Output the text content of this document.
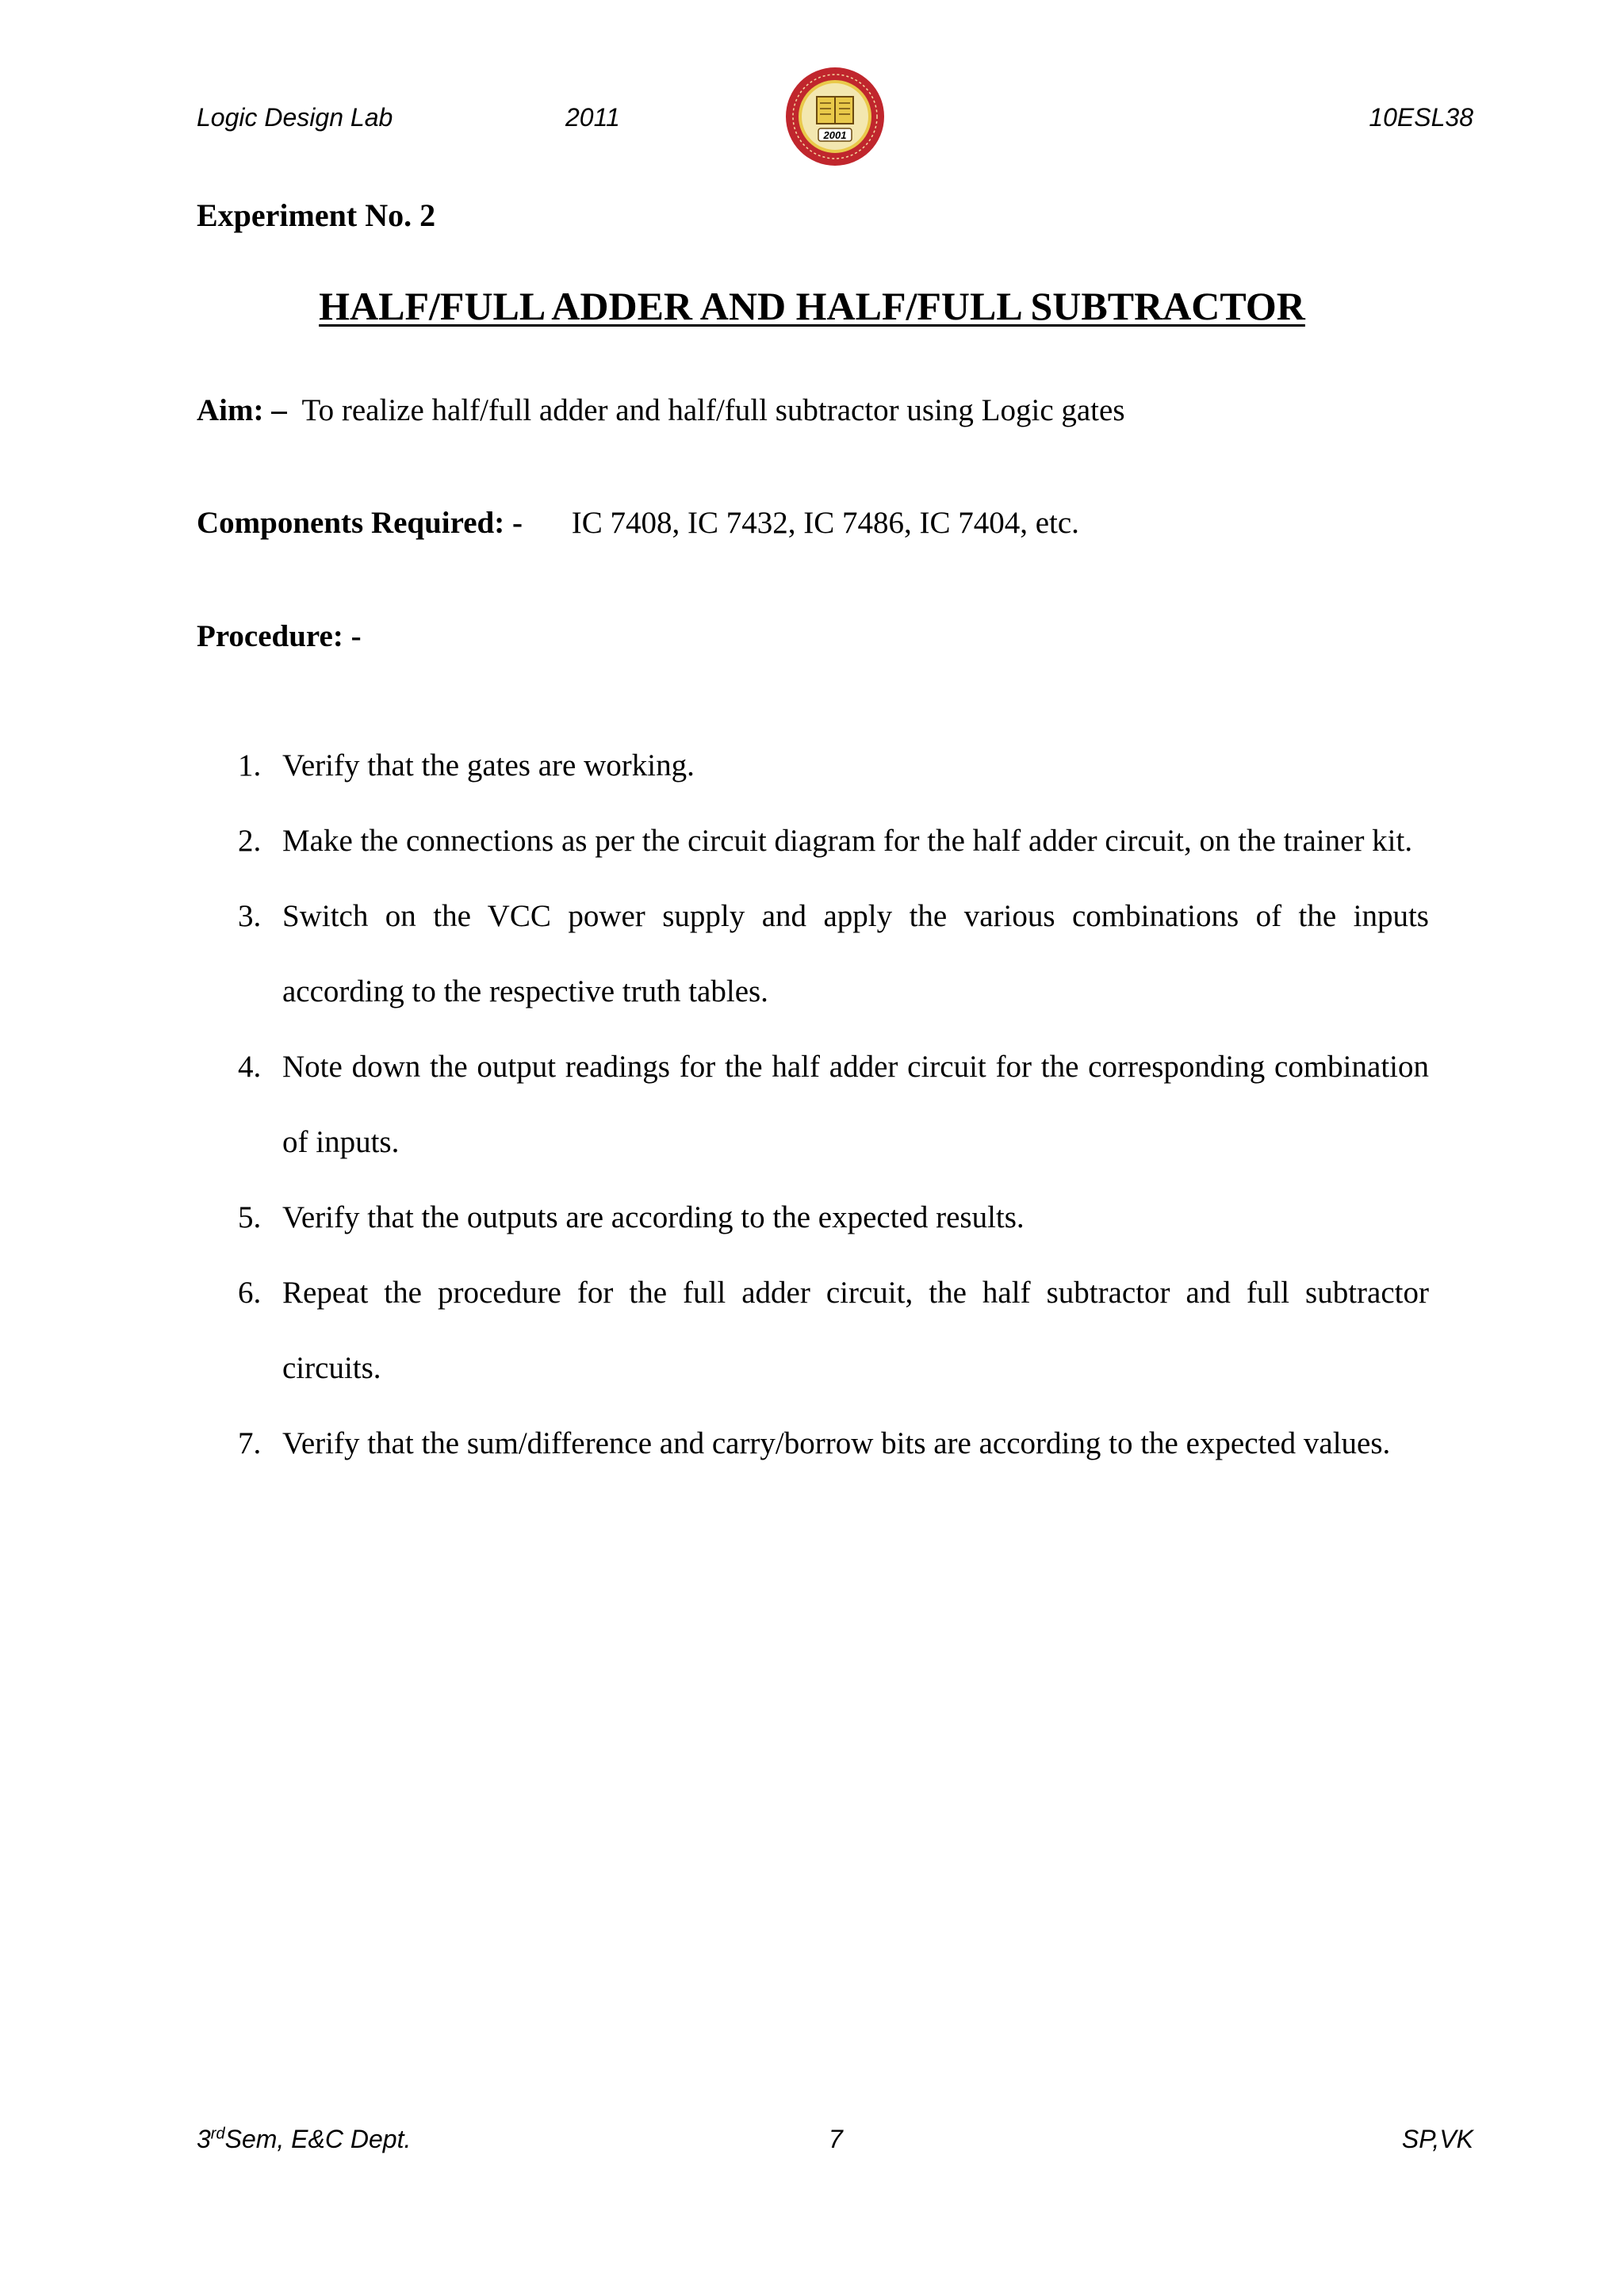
Logic Design Lab	2011
2001
10ESL38
Experiment No. 2
HALF/FULL ADDER AND HALF/FULL SUBTRACTOR
Aim: – To realize half/full adder and half/full subtractor using Logic gates
Components Required: - IC 7408, IC 7432, IC 7486, IC 7404, etc.
Procedure: -
1. Verify that the gates are working.
2. Make the connections as per the circuit diagram for the half adder circuit, on the trainer kit.
3. Switch on the VCC power supply and apply the various combinations of the inputs according to the respective truth tables.
4. Note down the output readings for the half adder circuit for the corresponding combination of inputs.
5. Verify that the outputs are according to the expected results.
6. Repeat the procedure for the full adder circuit, the half subtractor and full subtractor circuits.
7. Verify that the sum/difference and carry/borrow bits are according to the expected values.
3rdSem, E&C Dept.	7	SP,VK
